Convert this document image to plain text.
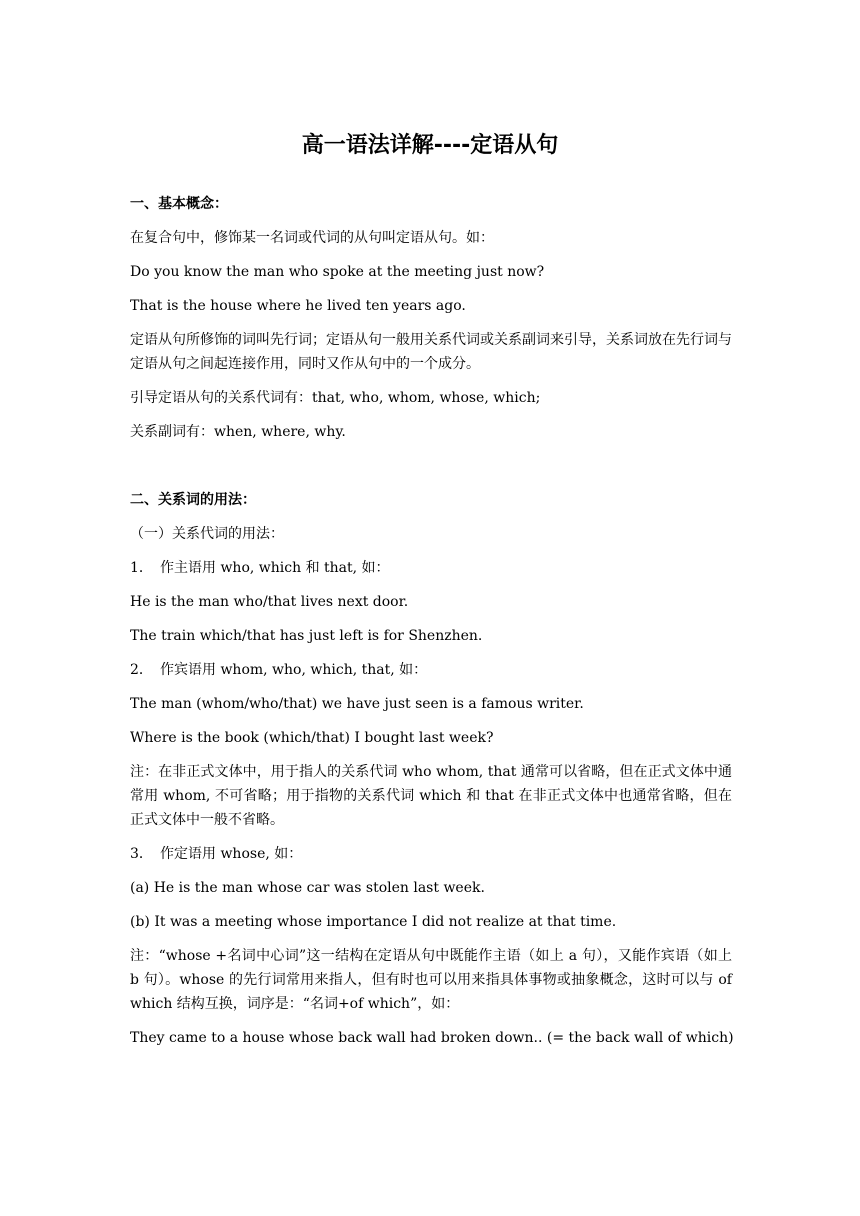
高一语法详解----定语从句

一、基本概念：

在复合句中，修饰某一名词或代词的从句叫定语从句。如：

Do you know the man who spoke at the meeting just now?

That is the house where he lived ten years ago.

定语从句所修饰的词叫先行词；定语从句一般用关系代词或关系副词来引导，关系词放在先行词与定语从句之间起连接作用，同时又作从句中的一个成分。

引导定语从句的关系代词有：that, who, whom, whose, which;

关系副词有：when, where, why.

二、关系词的用法：

（一）关系代词的用法：

1． 作主语用 who, which 和 that, 如：

He is the man who/that lives next door.

The train which/that has just left is for Shenzhen.

2． 作宾语用 whom, who, which, that, 如：

The man (whom/who/that) we have just seen is a famous writer.

Where is the book (which/that) I bought last week?

注：在非正式文体中，用于指人的关系代词 who whom, that 通常可以省略，但在正式文体中通常用 whom, 不可省略；用于指物的关系代词 which 和 that 在非正式文体中也通常省略，但在正式文体中一般不省略。

3． 作定语用 whose, 如：

(a) He is the man whose car was stolen last week.

(b) It was a meeting whose importance I did not realize at that time.

注：“whose +名词中心词”这一结构在定语从句中既能作主语（如上 a 句），又能作宾语（如上 b 句）。whose 的先行词常用来指人，但有时也可以用来指具体事物或抽象概念，这时可以与 of which 结构互换，词序是：“名词+of which”，如：

They came to a house whose back wall had broken down.. (= the back wall of which)
